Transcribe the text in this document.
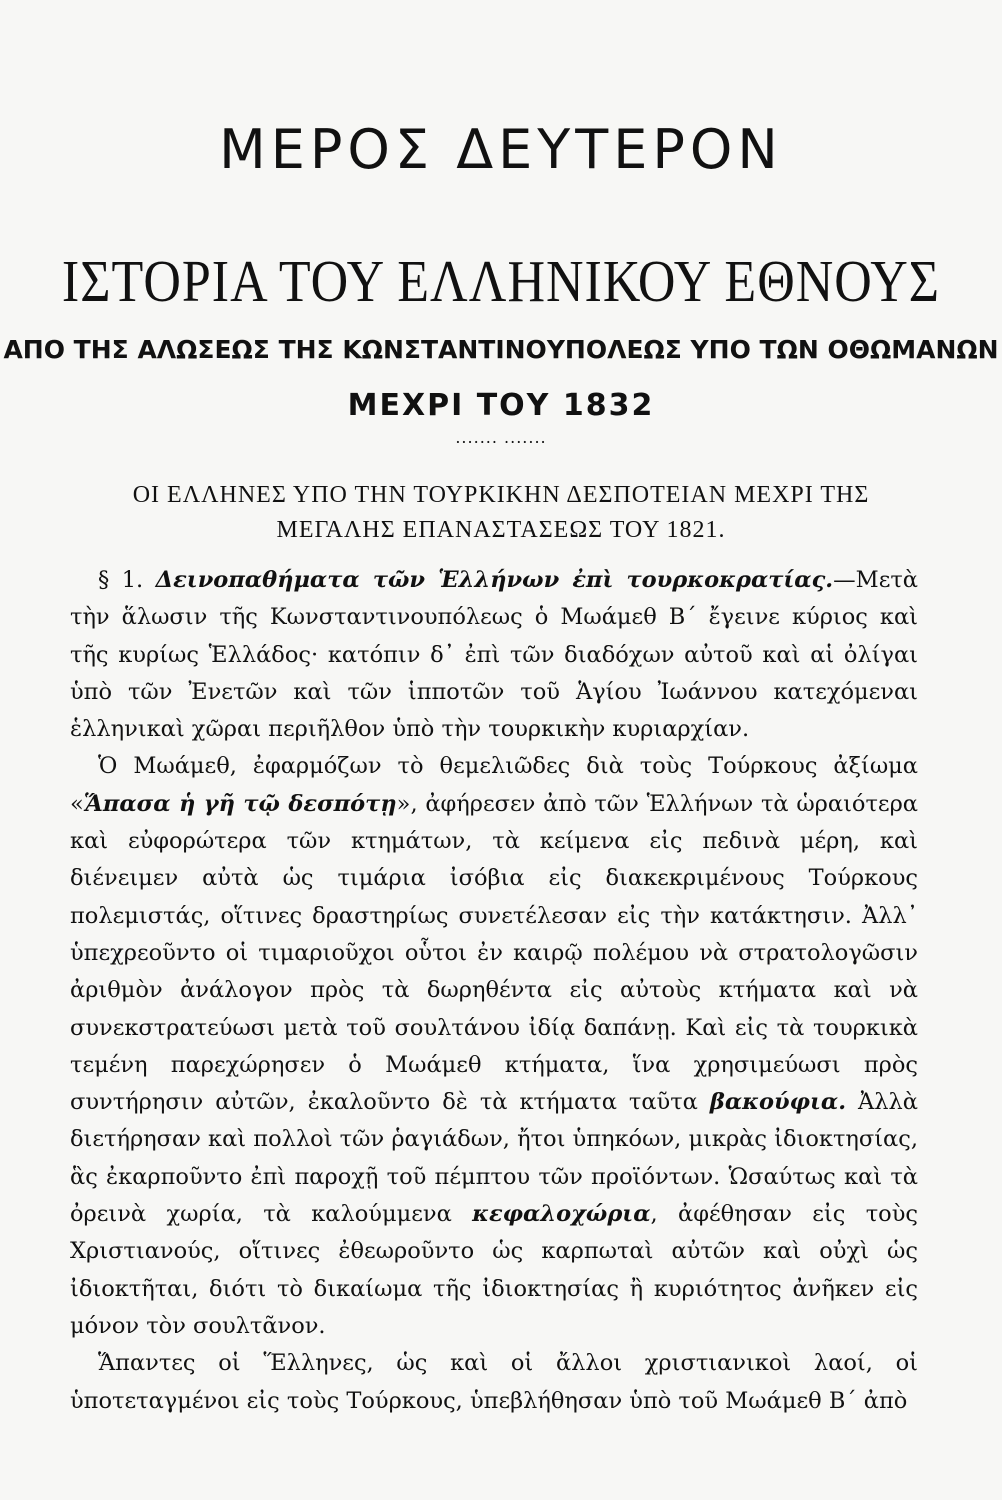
ΜΕΡΟΣ ΔΕΥΤΕΡΟΝ
ΙΣΤΟΡΙΑ ΤΟΥ ΕΛΛΗΝΙΚΟΥ ΕΘΝΟΥΣ
ΑΠΟ ΤΗΣ ΑΛΩΣΕΩΣ ΤΗΣ ΚΩΝΣΤΑΝΤΙΝΟΥΠΟΛΕΩΣ ΥΠΟ ΤΩΝ ΟΘΩΜΑΝΩΝ
ΜΕΧΡΙ ΤΟΥ 1832
....... .......
ΟΙ ΕΛΛΗΝΕΣ ΥΠΟ ΤΗΝ ΤΟΥΡΚΙΚΗΝ ΔΕΣΠΟΤΕΙΑΝ ΜΕΧΡΙ ΤΗΣ ΜΕΓΑΛΗΣ ΕΠΑΝΑΣΤΑΣΕΩΣ ΤΟΥ 1821.

§ 1. Δεινοπαθήματα τῶν Ἑλλήνων ἐπὶ τουρκοκρατίας.—Μετὰ τὴν ἅλωσιν τῆς Κωνσταντινουπόλεως ὁ Μωάμεθ Β΄ ἔγεινε κύριος καὶ τῆς κυρίως Ἑλλάδος· κατόπιν δ᾽ ἐπὶ τῶν διαδόχων αὐτοῦ καὶ αἱ ὀλίγαι ὑπὸ τῶν Ἐνετῶν καὶ τῶν ἱπποτῶν τοῦ Ἁγίου Ἰωάννου κατεχόμεναι ἑλληνικαὶ χῶραι περιῆλθον ὑπὸ τὴν τουρκικὴν κυριαρχίαν.

Ὁ Μωάμεθ, ἐφαρμόζων τὸ θεμελιῶδες διὰ τοὺς Τούρκους ἀξίωμα «Ἅπασα ἡ γῆ τῷ δεσπότῃ», ἀφήρεσεν ἀπὸ τῶν Ἑλλήνων τὰ ὡραιότερα καὶ εὐφορώτερα τῶν κτημάτων, τὰ κείμενα εἰς πεδινὰ μέρη, καὶ διένειμεν αὐτὰ ὡς τιμάρια ἰσόβια εἰς διακεκριμένους Τούρκους πολεμιστάς, οἵτινες δραστηρίως συνετέλεσαν εἰς τὴν κατάκτησιν. Ἀλλ᾽ ὑπεχρεοῦντο οἱ τιμαριοῦχοι οὗτοι ἐν καιρῷ πολέμου νὰ στρατολογῶσιν ἀριθμὸν ἀνάλογον πρὸς τὰ δωρηθέντα εἰς αὐτοὺς κτήματα καὶ νὰ συνεκστρατεύωσι μετὰ τοῦ σουλτάνου ἰδίᾳ δαπάνῃ. Καὶ εἰς τὰ τουρκικὰ τεμένη παρεχώρησεν ὁ Μωάμεθ κτήματα, ἵνα χρησιμεύωσι πρὸς συντήρησιν αὐτῶν, ἐκαλοῦντο δὲ τὰ κτήματα ταῦτα βακούφια. Ἀλλὰ διετήρησαν καὶ πολλοὶ τῶν ῥαγιάδων, ἤτοι ὑπηκόων, μικρὰς ἰδιοκτησίας, ἃς ἐκαρποῦντο ἐπὶ παροχῇ τοῦ πέμπτου τῶν προϊόντων. Ὡσαύτως καὶ τὰ ὀρεινὰ χωρία, τὰ καλούμμενα κεφαλοχώρια, ἀφέθησαν εἰς τοὺς Χριστιανούς, οἵτινες ἐθεωροῦντο ὡς καρπωταὶ αὐτῶν καὶ οὐχὶ ὡς ἰδιοκτῆται, διότι τὸ δικαίωμα τῆς ἰδιοκτησίας ἢ κυριότητος ἀνῆκεν εἰς μόνον τὸν σουλτᾶνον.

Ἅπαντες οἱ Ἕλληνες, ὡς καὶ οἱ ἄλλοι χριστιανικοὶ λαοί, οἱ ὑποτεταγμένοι εἰς τοὺς Τούρκους, ὑπεβλήθησαν ὑπὸ τοῦ Μωάμεθ Β΄ ἀπὸ
